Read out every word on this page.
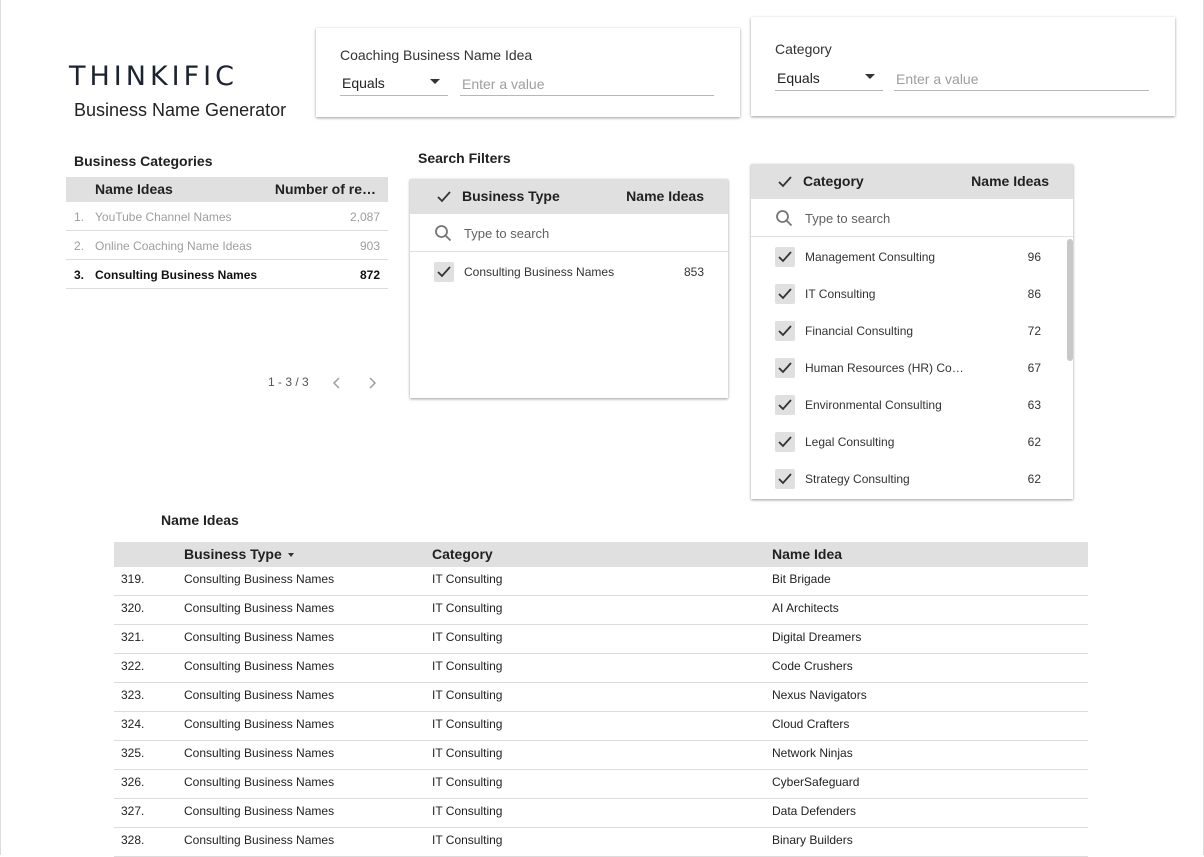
THINKIFIC
Business Name Generator
Coaching Business Name Idea
Equals
Enter a value
Category
Equals
Enter a value
Business Categories
Name Ideas	Number of re…
1. YouTube Channel Names	2,087
2. Online Coaching Name Ideas	903
3. Consulting Business Names	872
1 - 3 / 3
Search Filters
Business Type	Name Ideas
Type to search
Consulting Business Names	853
Category	Name Ideas
Type to search
Management Consulting	96
IT Consulting	86
Financial Consulting	72
Human Resources (HR) Co…	67
Environmental Consulting	63
Legal Consulting	62
Strategy Consulting	62
Name Ideas
Business Type	Category	Name Idea
319.	Consulting Business Names	IT Consulting	Bit Brigade
320.	Consulting Business Names	IT Consulting	AI Architects
321.	Consulting Business Names	IT Consulting	Digital Dreamers
322.	Consulting Business Names	IT Consulting	Code Crushers
323.	Consulting Business Names	IT Consulting	Nexus Navigators
324.	Consulting Business Names	IT Consulting	Cloud Crafters
325.	Consulting Business Names	IT Consulting	Network Ninjas
326.	Consulting Business Names	IT Consulting	CyberSafeguard
327.	Consulting Business Names	IT Consulting	Data Defenders
328.	Consulting Business Names	IT Consulting	Binary Builders
